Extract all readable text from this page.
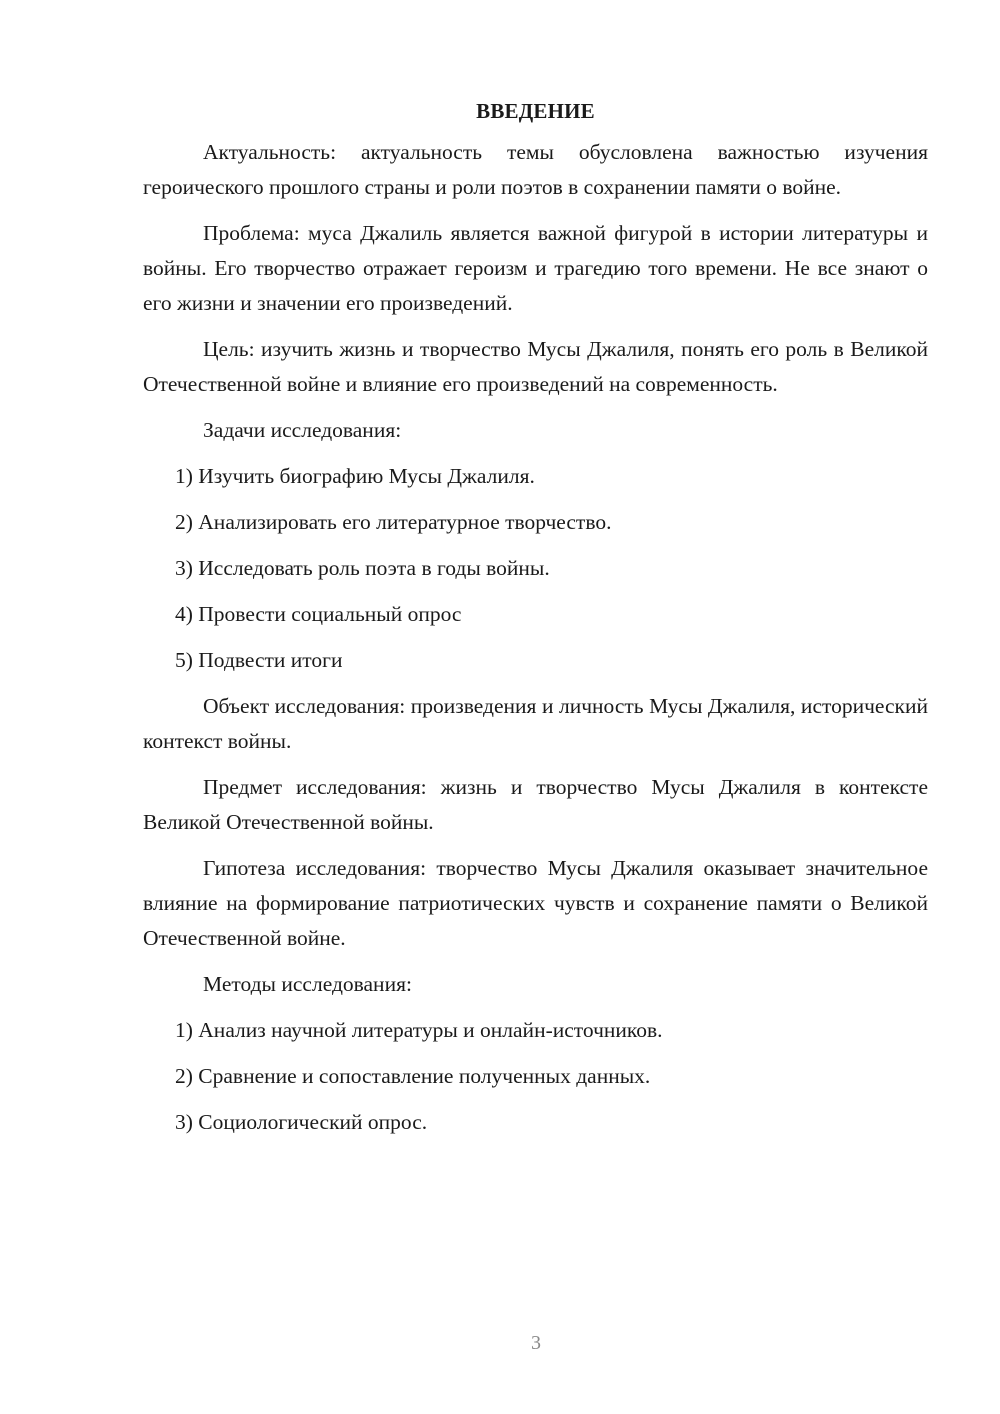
ВВЕДЕНИЕ

Актуальность: актуальность темы обусловлена важностью изучения героического прошлого страны и роли поэтов в сохранении памяти о войне.

Проблема: муса Джалиль является важной фигурой в истории литературы и войны. Его творчество отражает героизм и трагедию того времени. Не все знают о его жизни и значении его произведений.

Цель: изучить жизнь и творчество Мусы Джалиля, понять его роль в Великой Отечественной войне и влияние его произведений на современность.

Задачи исследования:

1) Изучить биографию Мусы Джалиля.
2) Анализировать его литературное творчество.
3) Исследовать роль поэта в годы войны.
4) Провести социальный опрос
5) Подвести итоги

Объект исследования: произведения и личность Мусы Джалиля, исторический контекст войны.

Предмет исследования: жизнь и творчество Мусы Джалиля в контексте Великой Отечественной войны.

Гипотеза исследования: творчество Мусы Джалиля оказывает значительное влияние на формирование патриотических чувств и сохранение памяти о Великой Отечественной войне.

Методы исследования:

1) Анализ научной литературы и онлайн-источников.
2) Сравнение и сопоставление полученных данных.
3) Социологический опрос.
3
